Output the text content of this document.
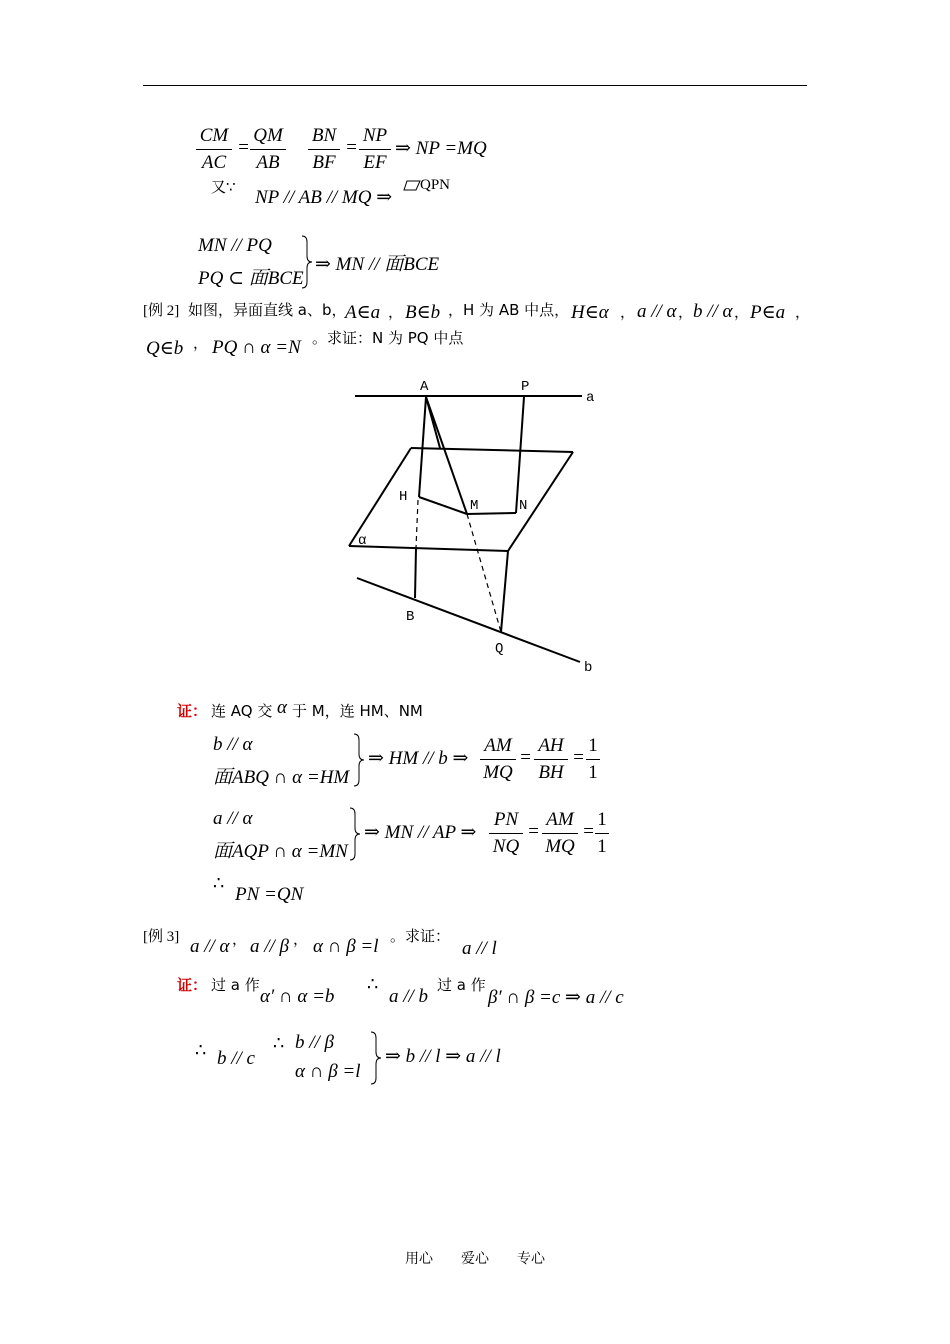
CM
AC
=
QM
AB
BN
BF
=
NP
EF
⇒ NP =MQ
又∵ NP // AB // MQ ⇒
QPN
MN // PQ
PQ ⊂ 面BCE
⇒ MN // 面BCE
[例 2] 如图，异面直线 a、b，
A∈a ， B∈b ，H 为 AB 中点， H∈α ， a // α ， b // α ， P∈a ，
Q∈b ， PQ ∩ α =N 。求证：N 为 PQ 中点
A	P
a
H
M	N
α
B
Q
b
证： 连 AQ 交 α 于 M，连 HM、NM
b // α
面ABQ ∩ α =HM
⇒ HM // b ⇒
AM
MQ
=
AH
BH
=
1
1
a // α
面AQP ∩ α =MN
⇒ MN // AP ⇒
PN
NQ
=
AM
MQ
=
1
1
∴
PN =QN
[例 3] a // α ， a // β ， α ∩ β =l 。求证：
a // l
证： 过 a 作
α′ ∩ α =b
∴
a // b
过 a 作
β′ ∩ β =c ⇒ a // c
∴ b // c
∴ b // β
α ∩ β =l
⇒ b // l ⇒ a // l
用心　　爱心　　专心
